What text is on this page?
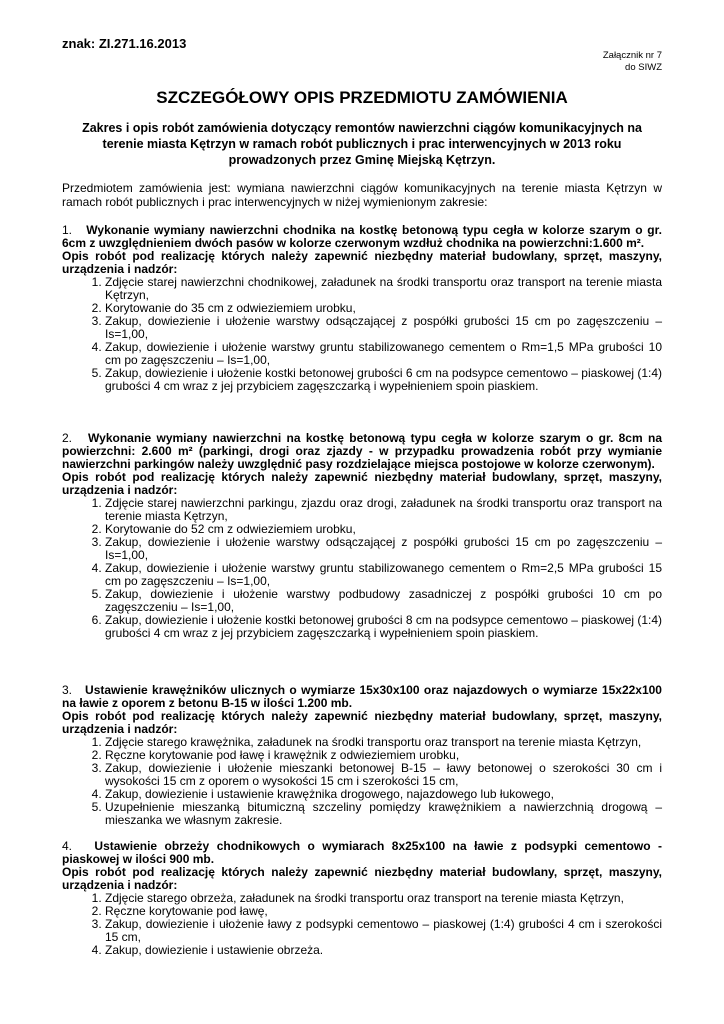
znak: ZI.271.16.2013
Załącznik nr 7
do SIWZ
SZCZEGÓŁOWY OPIS PRZEDMIOTU ZAMÓWIENIA
Zakres i opis robót zamówienia dotyczący remontów nawierzchni ciągów komunikacyjnych na terenie miasta Kętrzyn w ramach robót publicznych i prac interwencyjnych w 2013 roku prowadzonych przez Gminę Miejską Kętrzyn.
Przedmiotem zamówienia jest: wymiana nawierzchni ciągów komunikacyjnych na terenie miasta Kętrzyn w ramach robót publicznych i prac interwencyjnych w niżej wymienionym zakresie:

1. Wykonanie wymiany nawierzchni chodnika na kostkę betonową typu cegła w kolorze szarym o gr. 6cm z uwzględnieniem dwóch pasów w kolorze czerwonym wzdłuż chodnika na powierzchni:1.600 m².

Opis robót pod realizację których należy zapewnić niezbędny materiał budowlany, sprzęt, maszyny, urządzenia i nadzór:

1. Zdjęcie starej nawierzchni chodnikowej, załadunek na środki transportu oraz transport na terenie miasta Kętrzyn,
2. Korytowanie do 35 cm z odwieziemiem urobku,
3. Zakup, dowiezienie i ułożenie warstwy odsączającej z pospółki grubości 15 cm po zagęszczeniu – Is=1,00,
4. Zakup, dowiezienie i ułożenie warstwy gruntu stabilizowanego cementem o Rm=1,5 MPa grubości 10 cm po zagęszczeniu – Is=1,00,
5. Zakup, dowiezienie i ułożenie kostki betonowej grubości 6 cm na podsypce cementowo – piaskowej (1:4) grubości 4 cm wraz z jej przybiciem zagęszczarką i wypełnieniem spoin piaskiem.

2. Wykonanie wymiany nawierzchni na kostkę betonową typu cegła w kolorze szarym o gr. 8cm na powierzchni: 2.600 m² (parkingi, drogi oraz zjazdy - w przypadku prowadzenia robót przy wymianie nawierzchni parkingów należy uwzględnić pasy rozdzielające miejsca postojowe w kolorze czerwonym).

Opis robót pod realizację których należy zapewnić niezbędny materiał budowlany, sprzęt, maszyny, urządzenia i nadzór:

1. Zdjęcie starej nawierzchni parkingu, zjazdu oraz drogi, załadunek na środki transportu oraz transport na terenie miasta Kętrzyn,
2. Korytowanie do 52 cm z odwieziemiem urobku,
3. Zakup, dowiezienie i ułożenie warstwy odsączającej z pospółki grubości 15 cm po zagęszczeniu – Is=1,00,
4. Zakup, dowiezienie i ułożenie warstwy gruntu stabilizowanego cementem o Rm=2,5 MPa grubości 15 cm po zagęszczeniu – Is=1,00,
5. Zakup, dowiezienie i ułożenie warstwy podbudowy zasadniczej z pospółki grubości 10 cm po zagęszczeniu – Is=1,00,
6. Zakup, dowiezienie i ułożenie kostki betonowej grubości 8 cm na podsypce cementowo – piaskowej (1:4) grubości 4 cm wraz z jej przybiciem zagęszczarką i wypełnieniem spoin piaskiem.

3. Ustawienie krawężników ulicznych o wymiarze 15x30x100 oraz najazdowych o wymiarze 15x22x100 na ławie z oporem z betonu B-15 w ilości 1.200 mb.

Opis robót pod realizację których należy zapewnić niezbędny materiał budowlany, sprzęt, maszyny, urządzenia i nadzór:

1. Zdjęcie starego krawężnika, załadunek na środki transportu oraz transport na terenie miasta Kętrzyn,
2. Ręczne korytowanie pod ławę i krawężnik z odwieziemiem urobku,
3. Zakup, dowiezienie i ułożenie mieszanki betonowej B-15 – ławy betonowej o szerokości 30 cm i wysokości 15 cm z oporem o wysokości 15 cm i szerokości 15 cm,
4. Zakup, dowiezienie i ustawienie krawężnika drogowego, najazdowego lub łukowego,
5. Uzupełnienie mieszanką bitumiczną szczeliny pomiędzy krawężnikiem a nawierzchnią drogową – mieszanka we własnym zakresie.

4. Ustawienie obrzeży chodnikowych o wymiarach 8x25x100 na ławie z podsypki cementowo - piaskowej w ilości 900 mb.

Opis robót pod realizację których należy zapewnić niezbędny materiał budowlany, sprzęt, maszyny, urządzenia i nadzór:

1. Zdjęcie starego obrzeża, załadunek na środki transportu oraz transport na terenie miasta Kętrzyn,
2. Ręczne korytowanie pod ławę,
3. Zakup, dowiezienie i ułożenie ławy z podsypki cementowo – piaskowej (1:4) grubości 4 cm i szerokości 15 cm,
4. Zakup, dowiezienie i ustawienie obrzeża.
